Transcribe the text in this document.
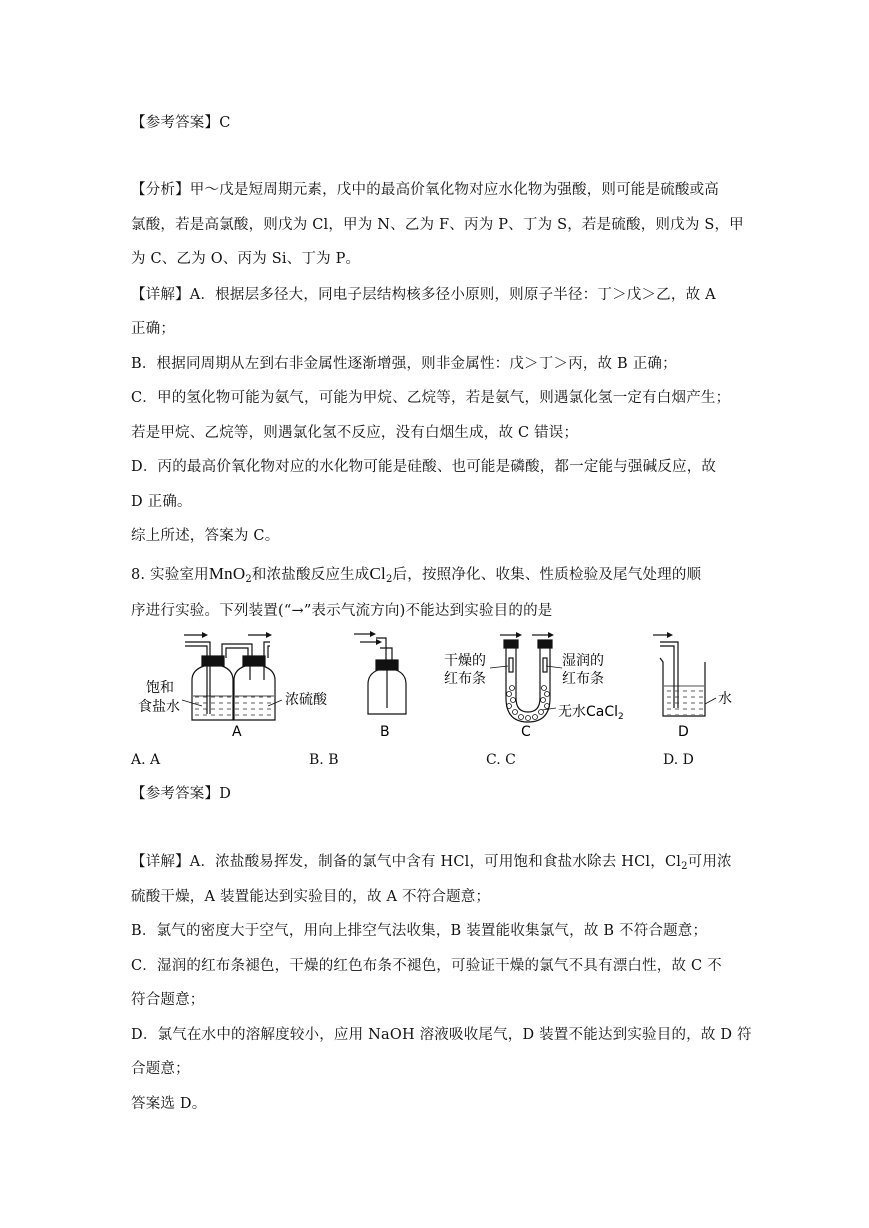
【参考答案】C
【分析】甲～戊是短周期元素，戊中的最高价氧化物对应水化物为强酸，则可能是硫酸或高
氯酸，若是高氯酸，则戊为 Cl，甲为 N、乙为 F、丙为 P、丁为 S，若是硫酸，则戊为 S，甲
为 C、乙为 O、丙为 Si、丁为 P。
【详解】A．根据层多径大，同电子层结构核多径小原则，则原子半径：丁＞戊＞乙，故 A
正确；
B．根据同周期从左到右非金属性逐渐增强，则非金属性：戊＞丁＞丙，故 B 正确；
C．甲的氢化物可能为氨气，可能为甲烷、乙烷等，若是氨气，则遇氯化氢一定有白烟产生；
若是甲烷、乙烷等，则遇氯化氢不反应，没有白烟生成，故 C 错误；
D．丙的最高价氧化物对应的水化物可能是硅酸、也可能是磷酸，都一定能与强碱反应，故
D 正确。
综上所述，答案为 C。
8. 实验室用MnO$_2$和浓盐酸反应生成$Cl_2$后，按照净化、收集、性质检验及尾气处理的顺
序进行实验。下列装置(“→”表示气流方向)不能达到实验目的的是
饱和
食盐水	浓硫酸
A	B
干燥的
红布条
湿润的
红布条
无水CaCl$_2$
C
水
D
A. A	B. B	C. C	D. D
【参考答案】D
【详解】A．浓盐酸易挥发，制备的氯气中含有 HCl，可用饱和食盐水除去 HCl，$Cl_2$可用浓
硫酸干燥，A 装置能达到实验目的，故 A 不符合题意；
B．氯气的密度大于空气，用向上排空气法收集，B 装置能收集氯气，故 B 不符合题意；
C．湿润的红布条褪色，干燥的红色布条不褪色，可验证干燥的氯气不具有漂白性，故 C 不
符合题意；
D．氯气在水中的溶解度较小，应用 NaOH 溶液吸收尾气，D 装置不能达到实验目的，故 D 符
合题意；
答案选 D。
